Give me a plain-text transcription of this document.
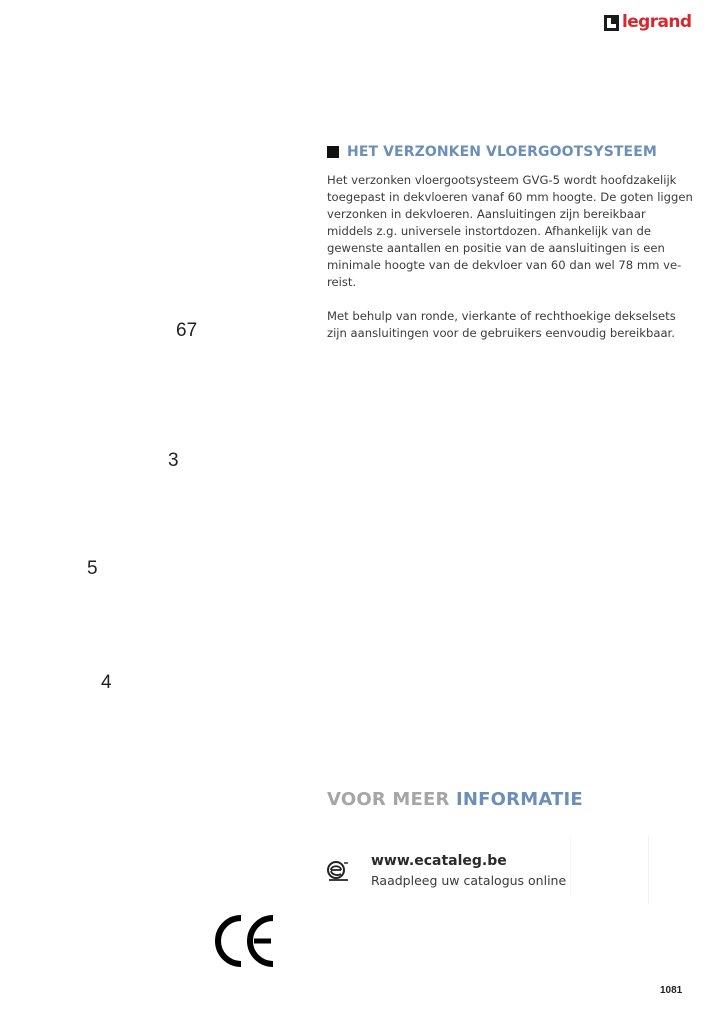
legrand
HET VERZONKEN VLOERGOOTSYSTEEM

Het verzonken vloergootsysteem GVG-5 wordt hoofdzakelijk toegepast in dekvloeren vanaf 60 mm hoogte. De goten liggen verzonken in dekvloeren. Aansluitingen zijn bereikbaar middels z.g. universele instortdozen. Afhankelijk van de gewenste aantallen en positie van de aansluitingen is een minimale hoogte van de dekvloer van 60 dan wel 78 mm ve-reist.

Met behulp van ronde, vierkante of rechthoekige dekselsets zijn aansluitingen voor de gebruikers eenvoudig bereikbaar.

67
3
5
4
VOOR MEER INFORMATIE
www.ecataleg.be
Raadpleeg uw catalogus online
1081
